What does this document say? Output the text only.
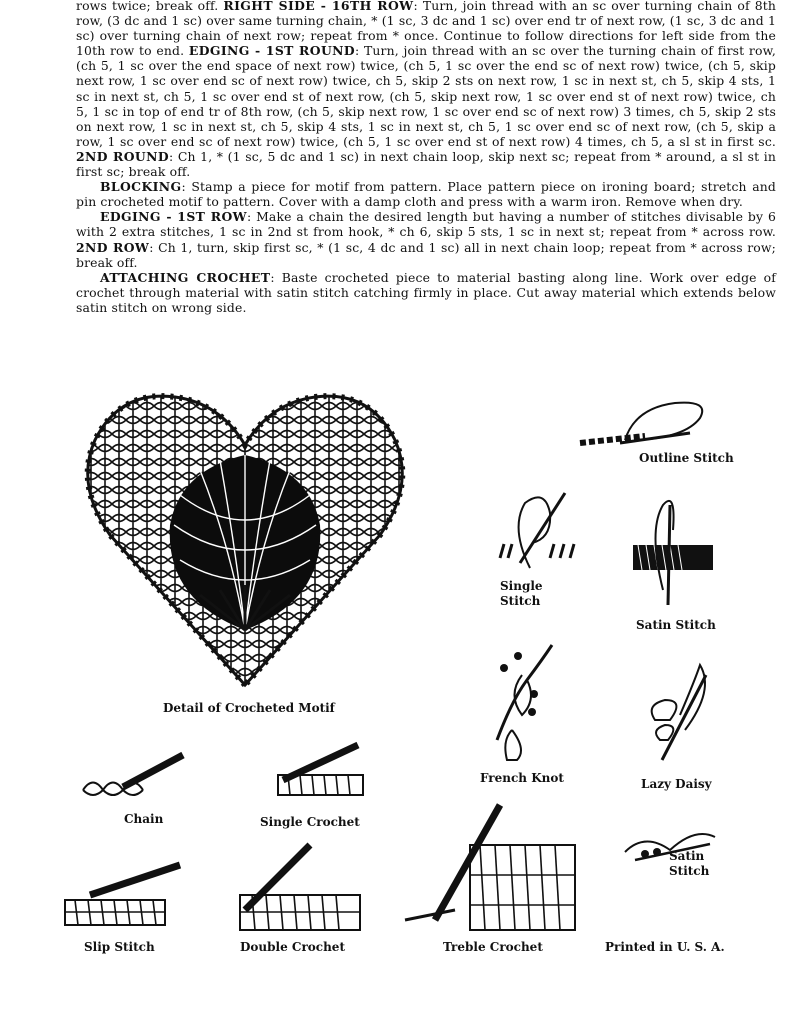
rows twice; break off. RIGHT SIDE - 16TH ROW: Turn, join thread with an sc over turning chain of 8th row, (3 dc and 1 sc) over same turning chain, * (1 sc, 3 dc and 1 sc) over end tr of next row, (1 sc, 3 dc and 1 sc) over turning chain of next row; repeat from * once. Continue to follow directions for left side from the 10th row to end. EDGING - 1ST ROUND: Turn, join thread with an sc over the turning chain of first row, (ch 5, 1 sc over the end space of next row) twice, (ch 5, 1 sc over the end sc of next row) twice, (ch 5, skip next row, 1 sc over end sc of next row) twice, ch 5, skip 2 sts on next row, 1 sc in next st, ch 5, skip 4 sts, 1 sc in next st, ch 5, 1 sc over end st of next row, (ch 5, skip next row, 1 sc over end st of next row) twice, ch 5, 1 sc in top of end tr of 8th row, (ch 5, skip next row, 1 sc over end sc of next row) 3 times, ch 5, skip 2 sts on next row, 1 sc in next st, ch 5, skip 4 sts, 1 sc in next st, ch 5, 1 sc over end sc of next row, (ch 5, skip a row, 1 sc over end sc of next row) twice, (ch 5, 1 sc over end st of next row) 4 times, ch 5, a sl st in first sc. 2ND ROUND: Ch 1, * (1 sc, 5 dc and 1 sc) in next chain loop, skip next sc; repeat from * around, a sl st in first sc; break off.

BLOCKING: Stamp a piece for motif from pattern. Place pattern piece on ironing board; stretch and pin crocheted motif to pattern. Cover with a damp cloth and press with a warm iron. Remove when dry.

EDGING - 1ST ROW: Make a chain the desired length but having a number of stitches divisable by 6 with 2 extra stitches, 1 sc in 2nd st from hook, * ch 6, skip 5 sts, 1 sc in next st; repeat from * across row. 2ND ROW: Ch 1, turn, skip first sc, * (1 sc, 4 dc and 1 sc) all in next chain loop; repeat from * across row; break off.

ATTACHING CROCHET: Baste crocheted piece to material basting along line. Work over edge of crochet through material with satin stitch catching firmly in place. Cut away material which extends below satin stitch on wrong side.

Detail of Crocheted Motif
Outline Stitch
Single
Stitch
Satin Stitch
French Knot	Lazy Daisy
Chain	Single Crochet
Satin
Stitch
Slip Stitch	Double Crochet	Treble Crochet	Printed in U. S. A.
